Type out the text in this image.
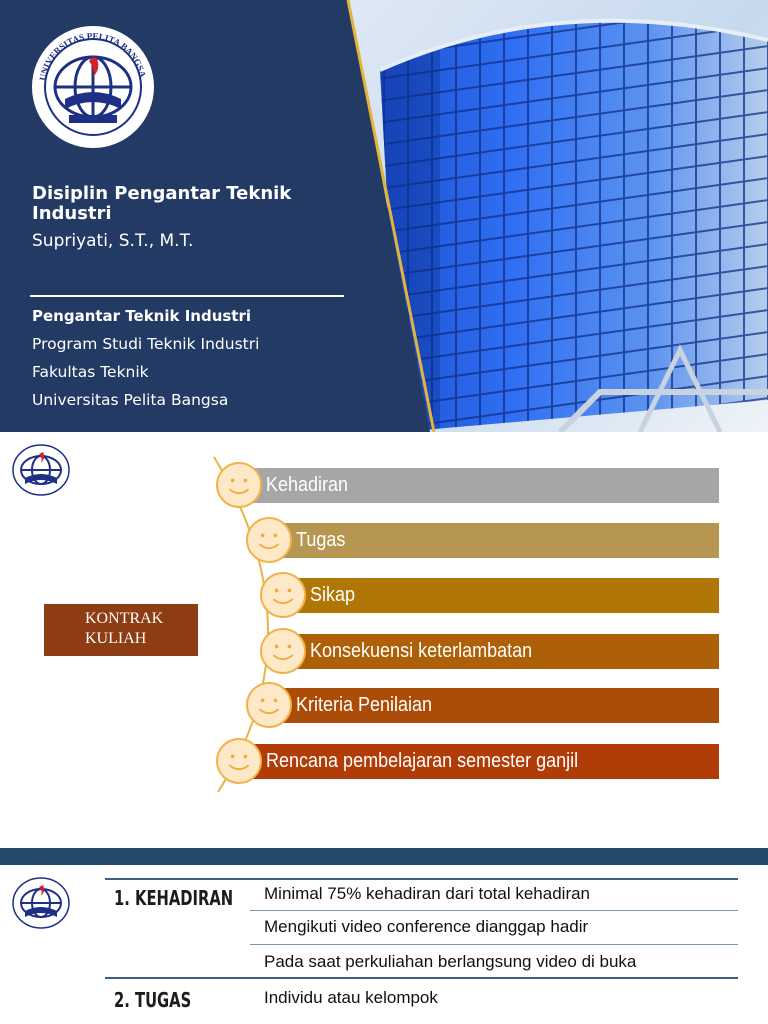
UNIVERSITAS PELITA BANGSA
Disiplin Pengantar Teknik Industri
Supriyati, S.T., M.T.
Pengantar Teknik Industri
Program Studi Teknik Industri
Fakultas Teknik
Universitas Pelita Bangsa
KONTRAK
KULIAH
Kehadiran
Tugas
Sikap
Konsekuensi keterlambatan
Kriteria Penilaian
Rencana pembelajaran semester ganjil
1. KEHADIRAN	Minimal 75% kehadiran dari total kehadiran
Mengikuti video conference dianggap hadir
Pada saat perkuliahan berlangsung video di buka
2. TUGAS	Individu atau kelompok
